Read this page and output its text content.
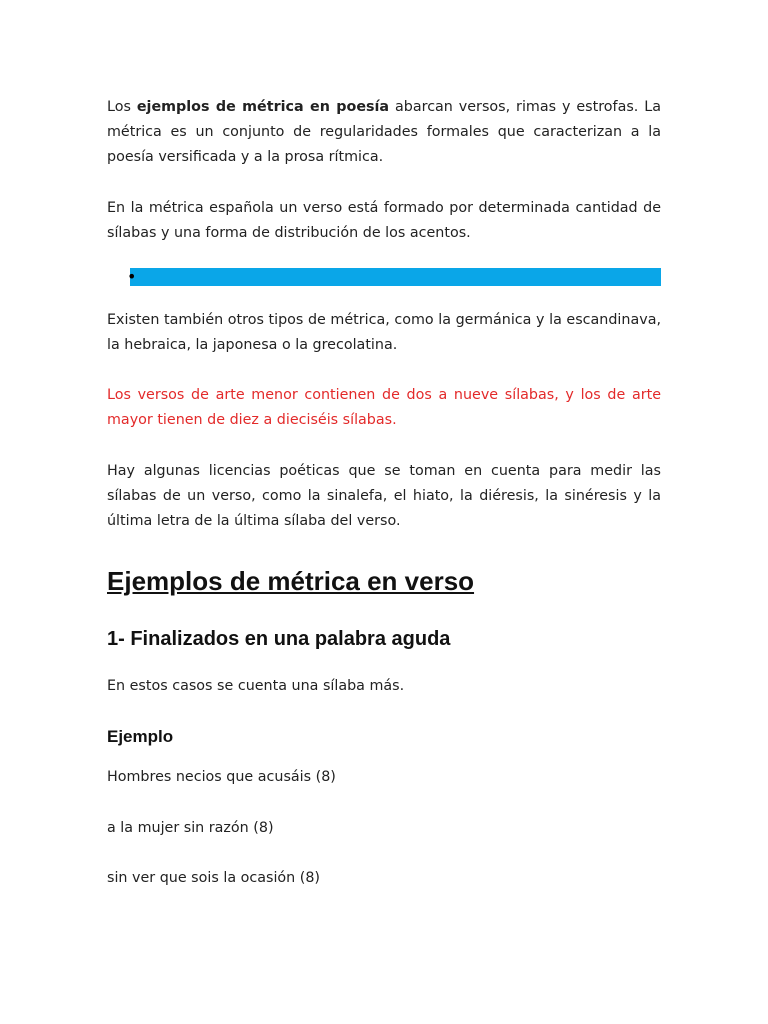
Los ejemplos de métrica en poesía abarcan versos, rimas y estrofas. La métrica es un conjunto de regularidades formales que caracterizan a la poesía versificada y a la prosa rítmica.

En la métrica española un verso está formado por determinada cantidad de sílabas y una forma de distribución de los acentos.

•

Existen también otros tipos de métrica, como la germánica y la escandinava, la hebraica, la japonesa o la grecolatina.

Los versos de arte menor contienen de dos a nueve sílabas, y los de arte mayor tienen de diez a dieciséis sílabas.

Hay algunas licencias poéticas que se toman en cuenta para medir las sílabas de un verso, como la sinalefa, el hiato, la diéresis, la sinéresis y la última letra de la última sílaba del verso.

Ejemplos de métrica en verso
1- Finalizados en una palabra aguda

En estos casos se cuenta una sílaba más.

Ejemplo

Hombres necios que acusáis (8)

a la mujer sin razón (8)

sin ver que sois la ocasión (8)
